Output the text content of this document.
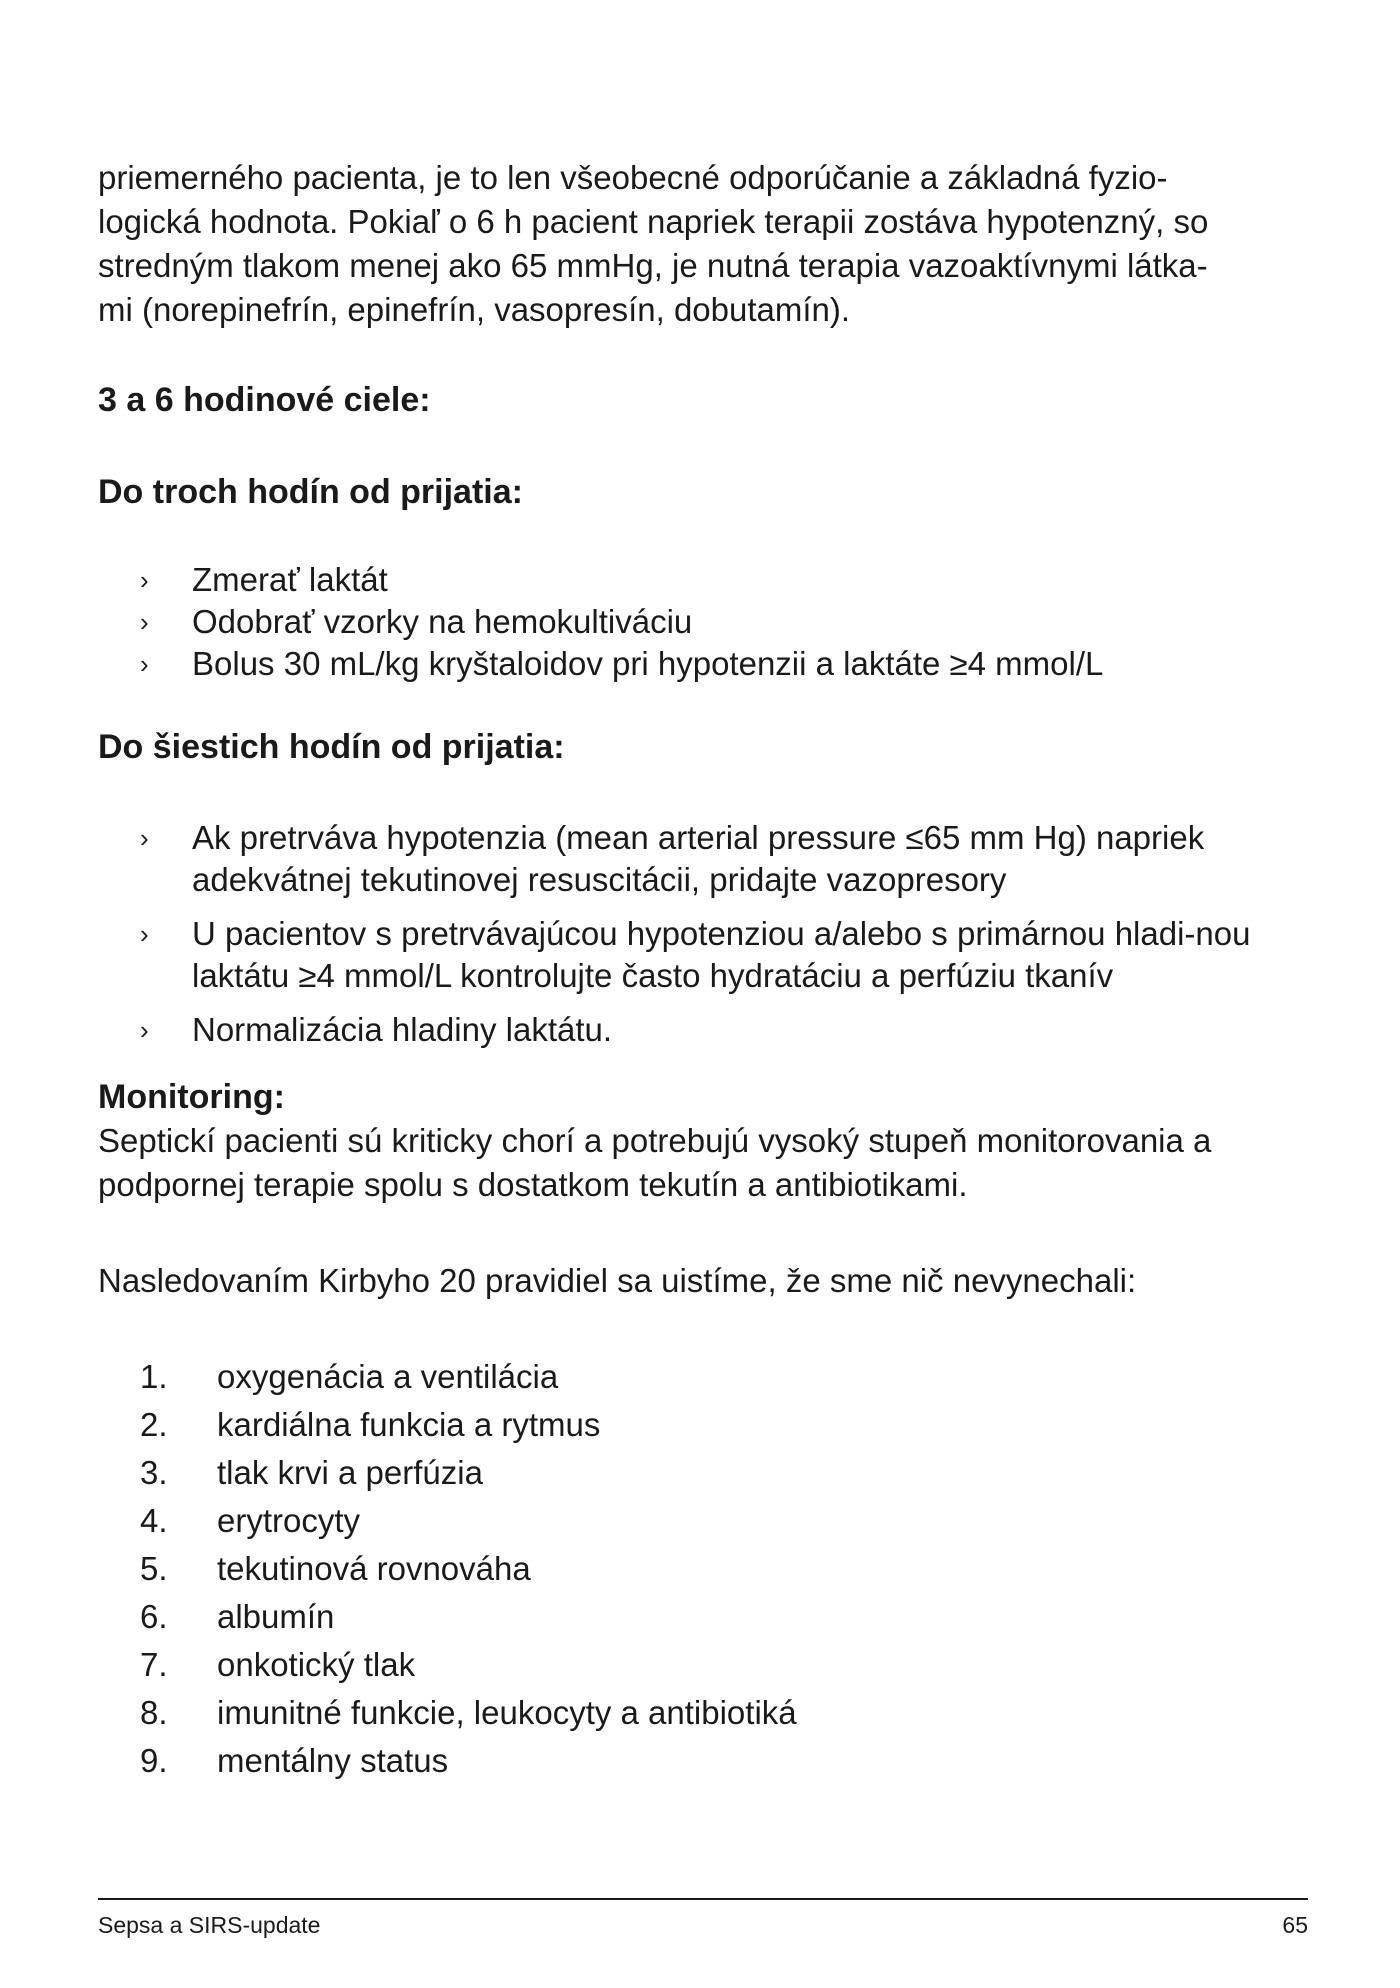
priemerného pacienta, je to len všeobecné odporúčanie a základná fyzio-
logická hodnota. Pokiaľ o 6 h pacient napriek terapii zostáva hypotenzný, so
stredným tlakom menej ako 65 mmHg, je nutná terapia vazoaktívnymi látka-
mi (norepinefrín, epinefrín, vasopresín, dobutamín).

3 a 6 hodinové ciele:
Do troch hodín od prijatia:
› Zmerať laktát
› Odobrať vzorky na hemokultiváciu
› Bolus 30 mL/kg kryštaloidov pri hypotenzii a laktáte ≥4 mmol/L
Do šiestich hodín od prijatia:
› Ak pretrváva hypotenzia (mean arterial pressure ≤65 mm Hg) napriek adekvátnej tekutinovej resuscitácii, pridajte vazopresory
› U pacientov s pretrvávajúcou hypotenziou a/alebo s primárnou hladi-nou laktátu ≥4 mmol/L kontrolujte často hydratáciu a perfúziu tkanív
› Normalizácia hladiny laktátu.
Monitoring:

Septickí pacienti sú kriticky chorí a potrebujú vysoký stupeň monitorovania a podpornej terapie spolu s dostatkom tekutín a antibiotikami.

Nasledovaním Kirbyho 20 pravidiel sa uistíme, že sme nič nevynechali:

1. oxygenácia a ventilácia
2. kardiálna funkcia a rytmus
3. tlak krvi a perfúzia
4. erytrocyty
5. tekutinová rovnováha
6. albumín
7. onkotický tlak
8. imunitné funkcie, leukocyty a antibiotiká
9. mentálny status
Sepsa a SIRS-update	65
